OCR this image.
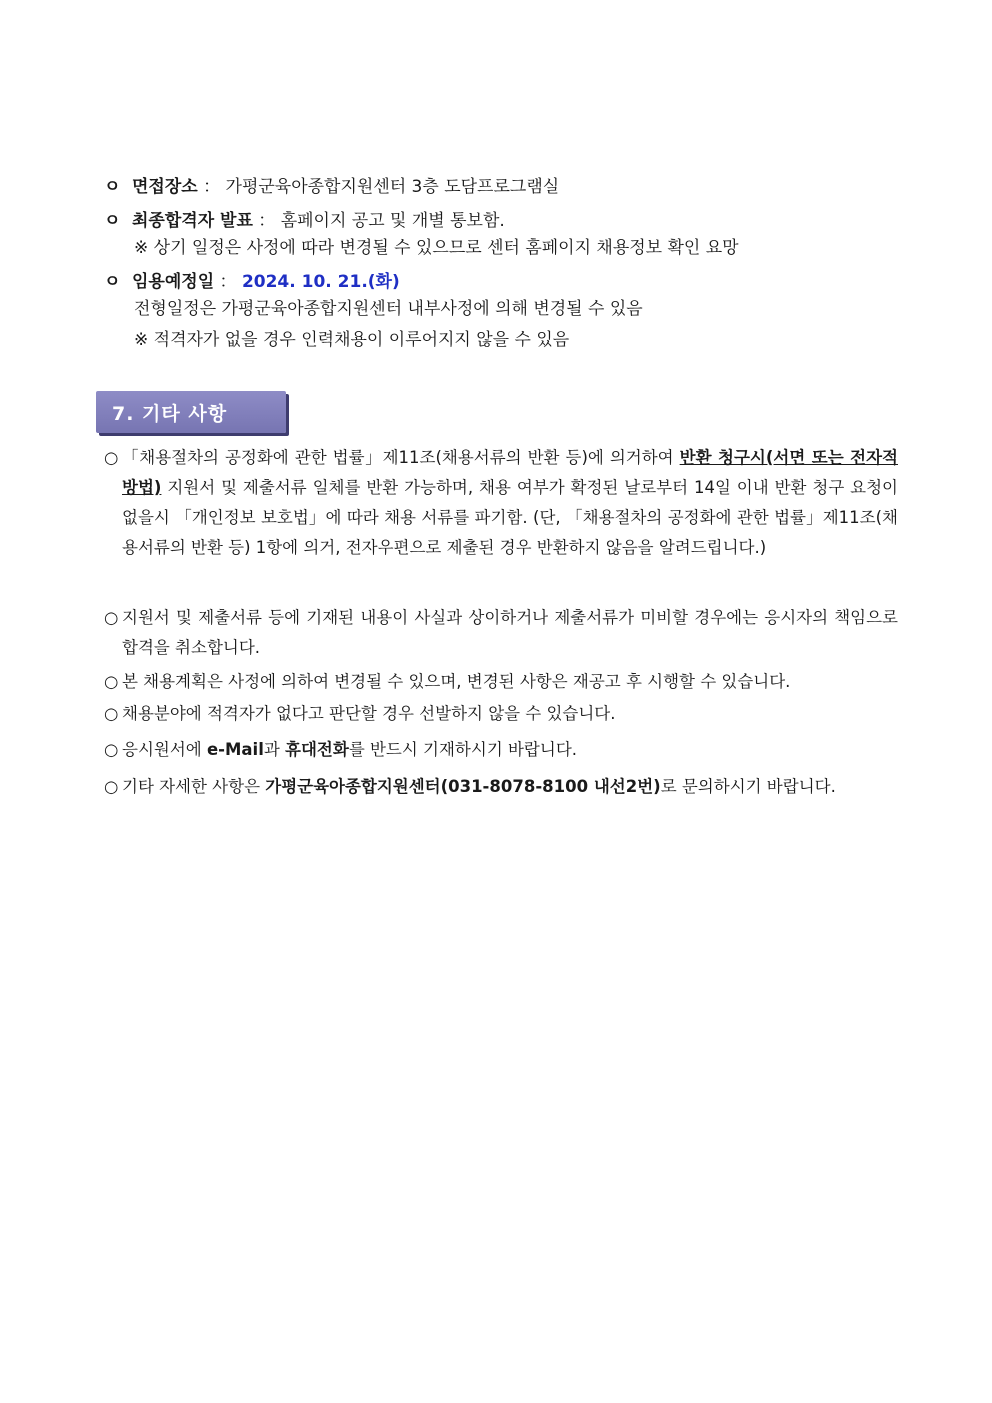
ㅇ 면접장소 ： 가평군육아종합지원센터 3층 도담프로그램실
ㅇ 최종합격자 발표 ： 홈페이지 공고 및 개별 통보함.
※ 상기 일정은 사정에 따라 변경될 수 있으므로 센터 홈페이지 채용정보 확인 요망
ㅇ 임용예정일 ： 2024. 10. 21.(화)
전형일정은 가평군육아종합지원센터 내부사정에 의해 변경될 수 있음
※ 적격자가 없을 경우 인력채용이 이루어지지 않을 수 있음
7. 기타 사항
○ 「채용절차의 공정화에 관한 법률」제11조(채용서류의 반환 등)에 의거하여 반환 청구시(서면 또는 전자적 방법) 지원서 및 제출서류 일체를 반환 가능하며, 채용 여부가 확정된 날로부터 14일 이내 반환 청구 요청이 없을시 「개인정보 보호법」에 따라 채용 서류를 파기함. (단, 「채용절차의 공정화에 관한 법률」제11조(채용서류의 반환 등) 1항에 의거, 전자우편으로 제출된 경우 반환하지 않음을 알려드립니다.)
○ 지원서 및 제출서류 등에 기재된 내용이 사실과 상이하거나 제출서류가 미비할 경우에는 응시자의 책임으로 합격을 취소합니다.
○ 본 채용계획은 사정에 의하여 변경될 수 있으며, 변경된 사항은 재공고 후 시행할 수 있습니다.
○ 채용분야에 적격자가 없다고 판단할 경우 선발하지 않을 수 있습니다.
○ 응시원서에 e-Mail과 휴대전화를 반드시 기재하시기 바랍니다.
○ 기타 자세한 사항은 가평군육아종합지원센터(031-8078-8100 내선2번)로 문의하시기 바랍니다.
